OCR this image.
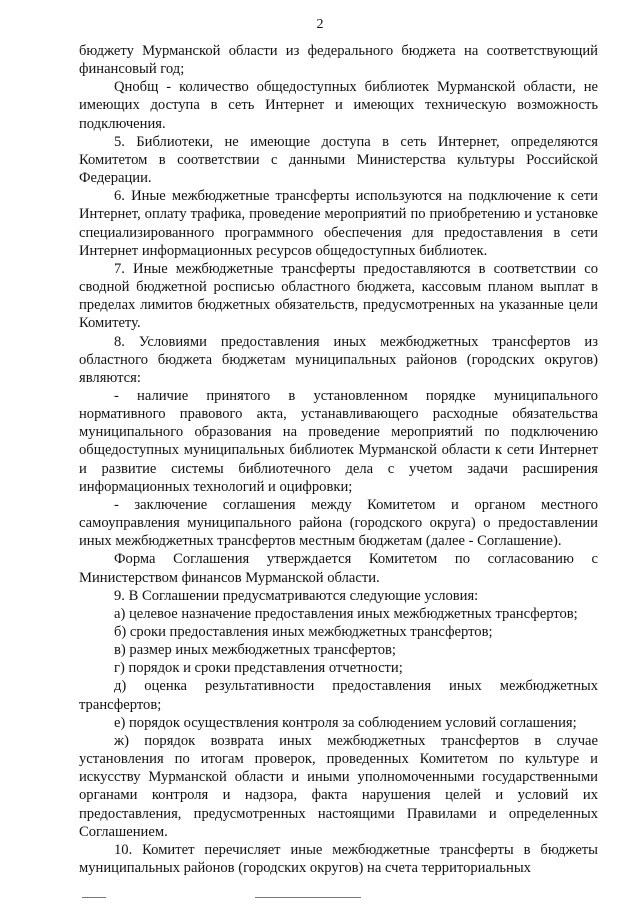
2

бюджету Мурманской области из федерального бюджета на соответствующий финансовый год;

Qнобщ - количество общедоступных библиотек Мурманской области, не имеющих доступа в сеть Интернет и имеющих техническую возможность подключения.

5. Библиотеки, не имеющие доступа в сеть Интернет, определяются Комитетом в соответствии с данными Министерства культуры Российской Федерации.

6. Иные межбюджетные трансферты используются на подключение к сети Интернет, оплату трафика, проведение мероприятий по приобретению и установке специализированного программного обеспечения для предоставления в сети Интернет информационных ресурсов общедоступных библиотек.

7. Иные межбюджетные трансферты предоставляются в соответствии со сводной бюджетной росписью областного бюджета, кассовым планом выплат в пределах лимитов бюджетных обязательств, предусмотренных на указанные цели Комитету.

8. Условиями предоставления иных межбюджетных трансфертов из областного бюджета бюджетам муниципальных районов (городских округов) являются:

- наличие принятого в установленном порядке муниципального нормативного правового акта, устанавливающего расходные обязательства муниципального образования на проведение мероприятий по подключению общедоступных муниципальных библиотек Мурманской области к сети Интернет и развитие системы библиотечного дела с учетом задачи расширения информационных технологий и оцифровки;

- заключение соглашения между Комитетом и органом местного самоуправления муниципального района (городского округа) о предоставлении иных межбюджетных трансфертов местным бюджетам (далее - Соглашение).

Форма Соглашения утверждается Комитетом по согласованию с Министерством финансов Мурманской области.

9. В Соглашении предусматриваются следующие условия:

а) целевое назначение предоставления иных межбюджетных трансфертов;

б) сроки предоставления иных межбюджетных трансфертов;

в) размер иных межбюджетных трансфертов;

г) порядок и сроки представления отчетности;

д) оценка результативности предоставления иных межбюджетных трансфертов;

е) порядок осуществления контроля за соблюдением условий соглашения;

ж) порядок возврата иных межбюджетных трансфертов в случае установления по итогам проверок, проведенных Комитетом по культуре и искусству Мурманской области и иными уполномоченными государственными органами контроля и надзора, факта нарушения целей и условий их предоставления, предусмотренных настоящими Правилами и определенных Соглашением.

10. Комитет перечисляет иные межбюджетные трансферты в бюджеты муниципальных районов (городских округов) на счета территориальных
